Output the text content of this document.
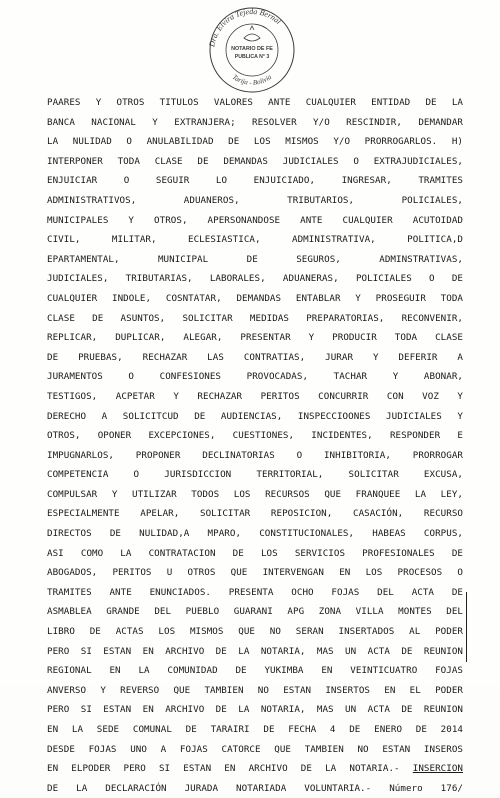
Dra. Elvira Tejeda Bernal
Tarija - Bolivia
NOTARIO DE FE
PUBLICA N° 3
PAARES Y OTROS TITULOS VALORES ANTE CUALQUIER ENTIDAD DE LA
BANCA NACIONAL Y EXTRANJERA; RESOLVER Y/O RESCINDIR, DEMANDAR
LA NULIDAD O ANULABILIDAD DE LOS MISMOS Y/O PRORROGARLOS. H)
INTERPONER TODA CLASE DE DEMANDAS JUDICIALES O EXTRAJUDICIALES,
ENJUICIAR O SEGUIR LO ENJUICIADO, INGRESAR, TRAMITES
ADMINISTRATIVOS, ADUANEROS, TRIBUTARIOS, POLICIALES,
MUNICIPALES Y OTROS, APERSONANDOSE ANTE CUALQUIER ACUTOIDAD
CIVIL, MILITAR, ECLESIASTICA, ADMINISTRATIVA, POLITICA,D
EPARTAMENTAL, MUNICIPAL DE SEGUROS, ADMINSTRATIVAS,
JUDICIALES, TRIBUTARIAS, LABORALES, ADUANERAS, POLICIALES O DE
CUALQUIER INDOLE, COSNTATAR, DEMANDAS ENTABLAR Y PROSEGUIR TODA
CLASE DE ASUNTOS, SOLICITAR MEDIDAS PREPARATORIAS, RECONVENIR,
REPLICAR, DUPLICAR, ALEGAR, PRESENTAR Y PRODUCIR TODA CLASE
DE PRUEBAS, RECHAZAR LAS CONTRATIAS, JURAR Y DEFERIR A
JURAMENTOS O CONFESIONES PROVOCADAS, TACHAR Y ABONAR,
TESTIGOS, ACPETAR Y RECHAZAR PERITOS CONCURRIR CON VOZ Y
DERECHO A SOLICITCUD DE AUDIENCIAS, INSPECCIOONES JUDICIALES Y
OTROS, OPONER EXCEPCIONES, CUESTIONES, INCIDENTES, RESPONDER E
IMPUGNARLOS, PROPONER DECLINATORIAS O INHIBITORIA, PRORROGAR
COMPETENCIA O JURISDICCION TERRITORIAL, SOLICITAR EXCUSA,
COMPULSAR Y UTILIZAR TODOS LOS RECURSOS QUE FRANQUEE LA LEY,
ESPECIALMENTE APELAR, SOLICITAR REPOSICION, CASACIÓN, RECURSO
DIRECTOS DE NULIDAD,A MPARO, CONSTITUCIONALES, HABEAS CORPUS,
ASI COMO LA CONTRATACION DE LOS SERVICIOS PROFESIONALES DE
ABOGADOS, PERITOS U OTROS QUE INTERVENGAN EN LOS PROCESOS O
TRAMITES ANTE ENUNCIADOS. PRESENTA OCHO FOJAS DEL ACTA DE
ASMABLEA GRANDE DEL PUEBLO GUARANI APG ZONA VILLA MONTES DEL
LIBRO DE ACTAS LOS MISMOS QUE NO SERAN INSERTADOS AL PODER
PERO SI ESTAN EN ARCHIVO DE LA NOTARIA, MAS UN ACTA DE REUNION
REGIONAL EN LA COMUNIDAD DE YUKIMBA EN VEINTICUATRO FOJAS
ANVERSO Y REVERSO QUE TAMBIEN NO ESTAN INSERTOS EN EL PODER
PERO SI ESTAN EN ARCHIVO DE LA NOTARIA, MAS UN ACTA DE REUNION
EN LA SEDE COMUNAL DE TARAIRI DE FECHA 4 DE ENERO DE 2014
DESDE FOJAS UNO A FOJAS CATORCE QUE TAMBIEN NO ESTAN INSEROS
EN ELPODER PERO SI ESTAN EN ARCHIVO DE LA NOTARIA.- INSERCION
DE LA DECLARACIÓN JURADA NOTARIADA VOLUNTARIA.- Número 176/
